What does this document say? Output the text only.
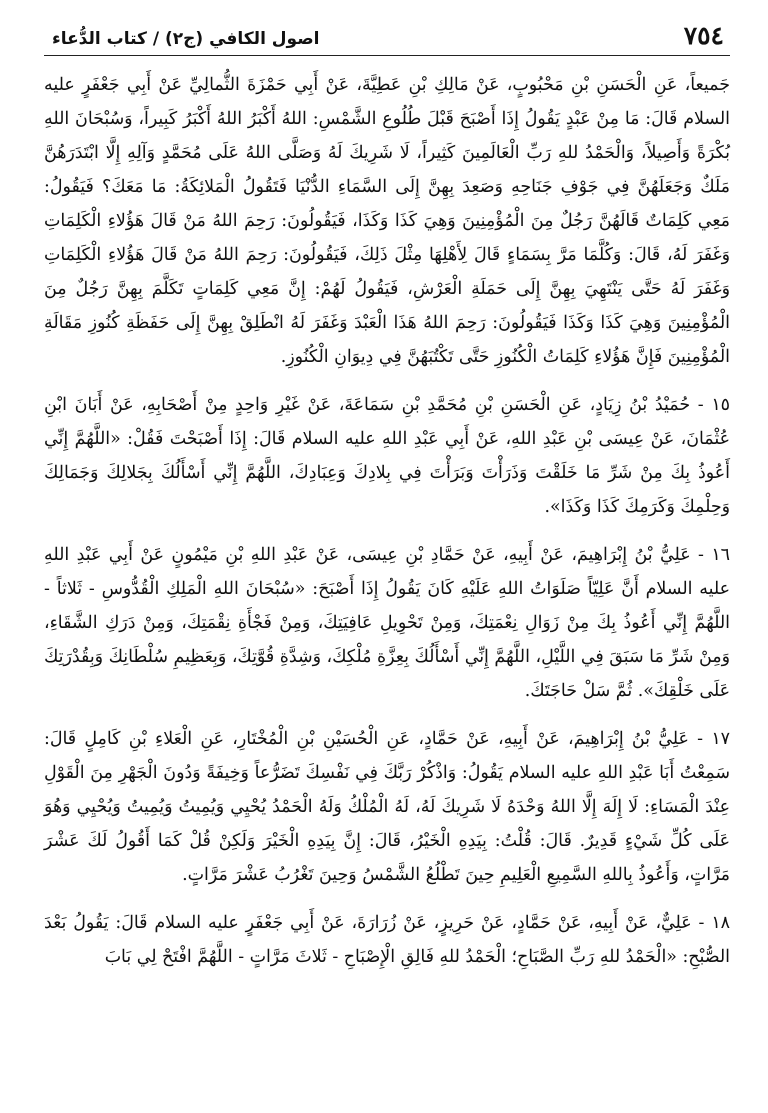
٧٥٤
اصول الكافي (ج٢) / كتاب الدُّعاء

جَميعاً، عَنِ الْحَسَنِ بْنِ مَحْبُوبٍ، عَنْ مَالِكِ بْنِ عَطِيَّةَ، عَنْ أَبِي حَمْزَةَ الثُّمالِيِّ عَنْ أَبِي جَعْفَرٍ عليه السلام قَالَ: مَا مِنْ عَبْدٍ يَقُولُ إِذَا أَصْبَحَ قَبْلَ طُلُوعِ الشَّمْسِ: اللهُ أَكْبَرُ اللهُ أَكْبَرُ كَبِيراً، وَسُبْحَانَ اللهِ بُكْرَةً وَأَصِيلاً، وَالْحَمْدُ للهِ رَبِّ الْعَالَمِينَ كَثِيراً، لَا شَرِيكَ لَهُ وَصَلَّى اللهُ عَلَى مُحَمَّدٍ وَآلِهِ إِلَّا ابْتَدَرَهُنَّ مَلَكٌ وَجَعَلَهُنَّ فِي جَوْفِ جَنَاحِهِ وَصَعِدَ بِهِنَّ إِلَى السَّمَاءِ الدُّنْيَا فَتَقُولُ الْمَلائِكَةُ: مَا مَعَكَ؟ فَيَقُولُ: مَعِي كَلِمَاتٌ قَالَهُنَّ رَجُلٌ مِنَ الْمُؤْمِنِينَ وَهِيَ كَذَا وَكَذَا، فَيَقُولُونَ: رَحِمَ اللهُ مَنْ قَالَ هَؤُلاءِ الْكَلِمَاتِ وَغَفَرَ لَهُ، قَالَ: وَكُلَّمَا مَرَّ بِسَمَاءٍ قَالَ لِأَهْلِهَا مِثْلَ ذَلِكَ، فَيَقُولُونَ: رَحِمَ اللهُ مَنْ قَالَ هَؤُلاءِ الْكَلِمَاتِ وَغَفَرَ لَهُ حَتَّى يَنْتَهِيَ بِهِنَّ إِلَى حَمَلَةِ الْعَرْشِ، فَيَقُولُ لَهُمْ: إِنَّ مَعِي كَلِمَاتٍ تَكَلَّمَ بِهِنَّ رَجُلٌ مِنَ الْمُؤْمِنِينَ وَهِيَ كَذَا وَكَذَا فَيَقُولُونَ: رَحِمَ اللهُ هَذَا الْعَبْدَ وَغَفَرَ لَهُ انْطَلِقْ بِهِنَّ إِلَى حَفَظَةِ كُنُوزِ مَقَالَةِ الْمُؤْمِنِينَ فَإِنَّ هَؤُلاءِ كَلِمَاتُ الْكُنُوزِ حَتَّى تَكْتُبَهُنَّ فِي دِيوَانِ الْكُنُوزِ.

١٥ - حُمَيْدُ بْنُ زِيَادٍ، عَنِ الْحَسَنِ بْنِ مُحَمَّدِ بْنِ سَمَاعَةَ، عَنْ غَيْرِ وَاحِدٍ مِنْ أَصْحَابِهِ، عَنْ أَبَانَ ابْنِ عُثْمَانَ، عَنْ عِيسَى بْنِ عَبْدِ اللهِ، عَنْ أَبِي عَبْدِ اللهِ عليه السلام قَالَ: إِذَا أَصْبَحْتَ فَقُلْ: «اللَّهُمَّ إِنِّي أَعُوذُ بِكَ مِنْ شَرِّ مَا خَلَقْتَ وَذَرَأْتَ وَبَرَأْتَ فِي بِلادِكَ وَعِبَادِكَ، اللَّهُمَّ إِنِّي أَسْأَلُكَ بِجَلالِكَ وَجَمَالِكَ وَحِلْمِكَ وَكَرَمِكَ كَذَا وَكَذَا».

١٦ - عَلِيُّ بْنُ إِبْرَاهِيمَ، عَنْ أَبِيهِ، عَنْ حَمَّادِ بْنِ عِيسَى، عَنْ عَبْدِ اللهِ بْنِ مَيْمُونٍ عَنْ أَبِي عَبْدِ اللهِ عليه السلام أَنَّ عَلِيّاً صَلَوَاتُ اللهِ عَلَيْهِ كَانَ يَقُولُ إِذَا أَصْبَحَ: «سُبْحَانَ اللهِ الْمَلِكِ الْقُدُّوسِ - ثَلاثاً - اللَّهُمَّ إِنِّي أَعُوذُ بِكَ مِنْ زَوَالِ نِعْمَتِكَ، وَمِنْ تَحْوِيلِ عَافِيَتِكَ، وَمِنْ فَجْأَةِ نِقْمَتِكَ، وَمِنْ دَرَكِ الشَّقَاءِ، وَمِنْ شَرِّ مَا سَبَقَ فِي اللَّيْلِ، اللَّهُمَّ إِنِّي أَسْأَلُكَ بِعِزَّةِ مُلْكِكَ، وَشِدَّةِ قُوَّتِكَ، وَبِعَظِيمِ سُلْطَانِكَ وَبِقُدْرَتِكَ عَلَى خَلْقِكَ». ثُمَّ سَلْ حَاجَتَكَ.

١٧ - عَلِيُّ بْنُ إِبْرَاهِيمَ، عَنْ أَبِيهِ، عَنْ حَمَّادٍ، عَنِ الْحُسَيْنِ بْنِ الْمُخْتَارِ، عَنِ الْعَلاءِ بْنِ كَامِلٍ قَالَ: سَمِعْتُ أَبَا عَبْدِ اللهِ عليه السلام يَقُولُ: وَاذْكُرْ رَبَّكَ فِي نَفْسِكَ تَضَرُّعاً وَخِيفَةً وَدُونَ الْجَهْرِ مِنَ الْقَوْلِ عِنْدَ الْمَسَاءِ: لَا إِلَهَ إِلَّا اللهُ وَحْدَهُ لَا شَرِيكَ لَهُ، لَهُ الْمُلْكُ وَلَهُ الْحَمْدُ يُحْيِي وَيُمِيتُ وَيُمِيتُ وَيُحْيِي وَهُوَ عَلَى كُلِّ شَيْءٍ قَدِيرٌ. قَالَ: قُلْتُ: بِيَدِهِ الْخَيْرُ، قَالَ: إِنَّ بِيَدِهِ الْخَيْرَ وَلَكِنْ قُلْ كَمَا أَقُولُ لَكَ عَشْرَ مَرَّاتٍ، وَأَعُوذُ بِاللهِ السَّمِيعِ الْعَلِيمِ حِينَ تَطْلُعُ الشَّمْسُ وَحِينَ تَغْرُبُ عَشْرَ مَرَّاتٍ.

١٨ - عَلِيٌّ، عَنْ أَبِيهِ، عَنْ حَمَّادٍ، عَنْ حَرِيزٍ، عَنْ زُرَارَةَ، عَنْ أَبِي جَعْفَرٍ عليه السلام قَالَ: يَقُولُ بَعْدَ الصُّبْحِ: «الْحَمْدُ للهِ رَبِّ الصَّبَاحِ؛ الْحَمْدُ للهِ فَالِقِ الْإِصْبَاحِ - ثَلاثَ مَرَّاتٍ - اللَّهُمَّ افْتَحْ لِي بَابَ
